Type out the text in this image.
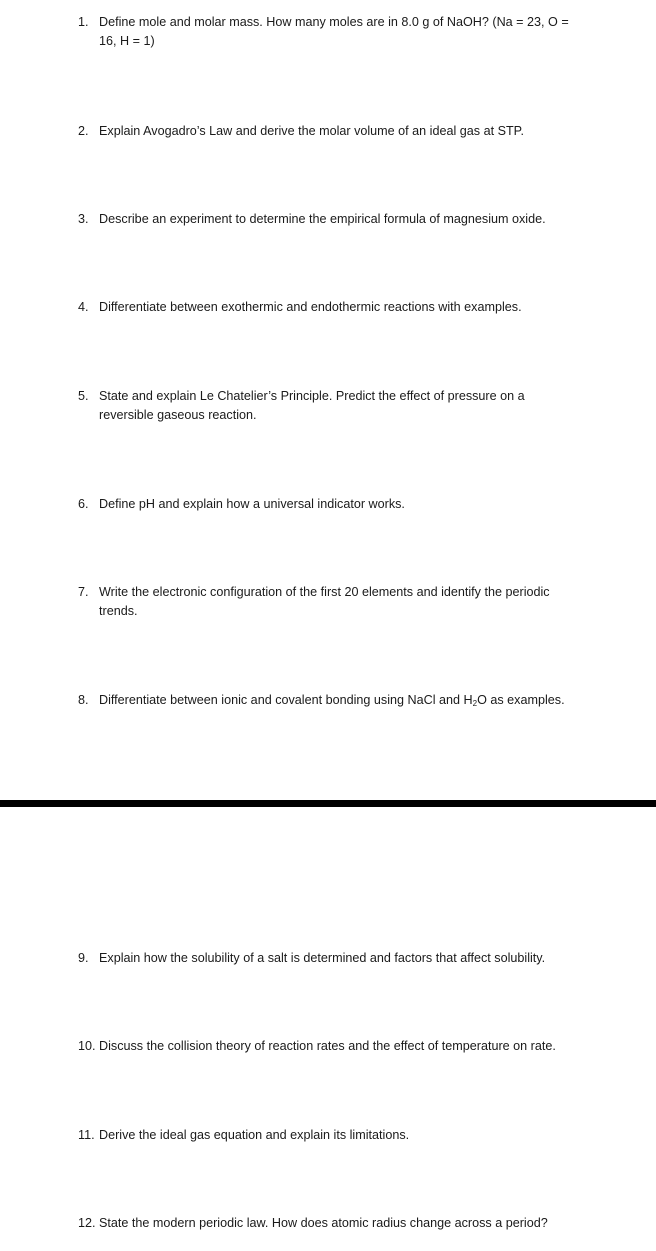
1. Define mole and molar mass. How many moles are in 8.0 g of NaOH? (Na = 23, O =
16, H = 1)
2. Explain Avogadro’s Law and derive the molar volume of an ideal gas at STP.
3. Describe an experiment to determine the empirical formula of magnesium oxide.
4. Differentiate between exothermic and endothermic reactions with examples.
5. State and explain Le Chatelier’s Principle. Predict the effect of pressure on a
reversible gaseous reaction.
6. Define pH and explain how a universal indicator works.
7. Write the electronic configuration of the first 20 elements and identify the periodic
trends.
8. Differentiate between ionic and covalent bonding using NaCl and $H_2O$ as examples.
9. Explain how the solubility of a salt is determined and factors that affect solubility.
10. Discuss the collision theory of reaction rates and the effect of temperature on rate.
11. Derive the ideal gas equation and explain its limitations.
12. State the modern periodic law. How does atomic radius change across a period?
